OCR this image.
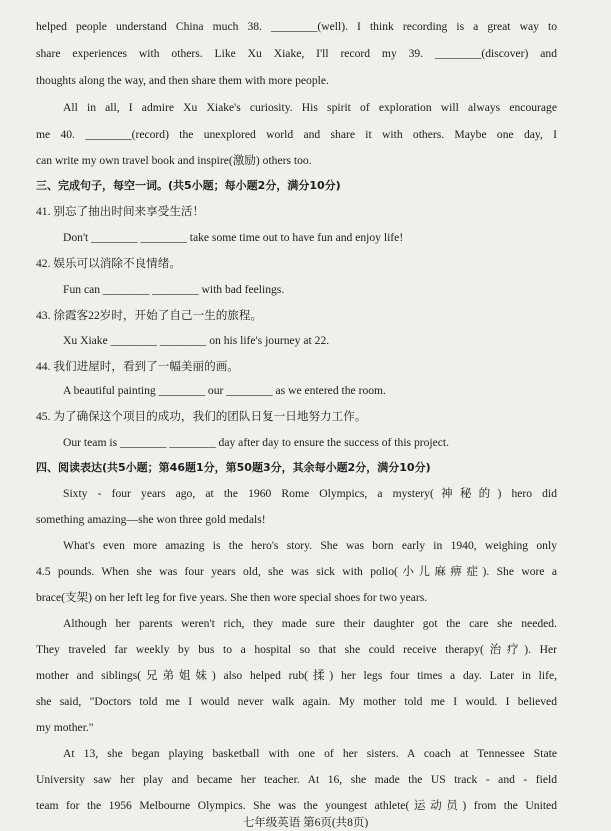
helped people understand China much 38. ________(well). I think recording is a great way to
share experiences with others. Like Xu Xiake, I'll record my 39. ________(discover) and
thoughts along the way, and then share them with more people.
All in all, I admire Xu Xiake's curiosity. His spirit of exploration will always encourage
me 40. ________(record) the unexplored world and share it with others. Maybe one day, I
can write my own travel book and inspire(激励) others too.
三、完成句子，每空一词。(共5小题；每小题2分，满分10分)
41. 别忘了抽出时间来享受生活！
Don't ________ ________ take some time out to have fun and enjoy life!
42. 娱乐可以消除不良情绪。
Fun can ________ ________ with bad feelings.
43. 徐霞客22岁时，开始了自己一生的旅程。
Xu Xiake ________ ________ on his life's journey at 22.
44. 我们进屋时，看到了一幅美丽的画。
A beautiful painting ________ our ________ as we entered the room.
45. 为了确保这个项目的成功，我们的团队日复一日地努力工作。
Our team is ________ ________ day after day to ensure the success of this project.
四、阅读表达(共5小题；第46题1分，第50题3分，其余每小题2分，满分10分)
Sixty - four years ago, at the 1960 Rome Olympics, a mystery(神秘的) hero did
something amazing—she won three gold medals!
What's even more amazing is the hero's story. She was born early in 1940, weighing only
4.5 pounds. When she was four years old, she was sick with polio(小儿麻痹症). She wore a
brace(支架) on her left leg for five years. She then wore special shoes for two years.
Although her parents weren't rich, they made sure their daughter got the care she needed.
They traveled far weekly by bus to a hospital so that she could receive therapy(治疗). Her
mother and siblings(兄弟姐妹) also helped rub(揉) her legs four times a day. Later in life,
she said, "Doctors told me I would never walk again. My mother told me I would. I believed
my mother."
At 13, she began playing basketball with one of her sisters. A coach at Tennessee State
University saw her play and became her teacher. At 16, she made the US track - and - field
team for the 1956 Melbourne Olympics. She was the youngest athlete(运动员) from the United
七年级英语 第6页(共8页)
